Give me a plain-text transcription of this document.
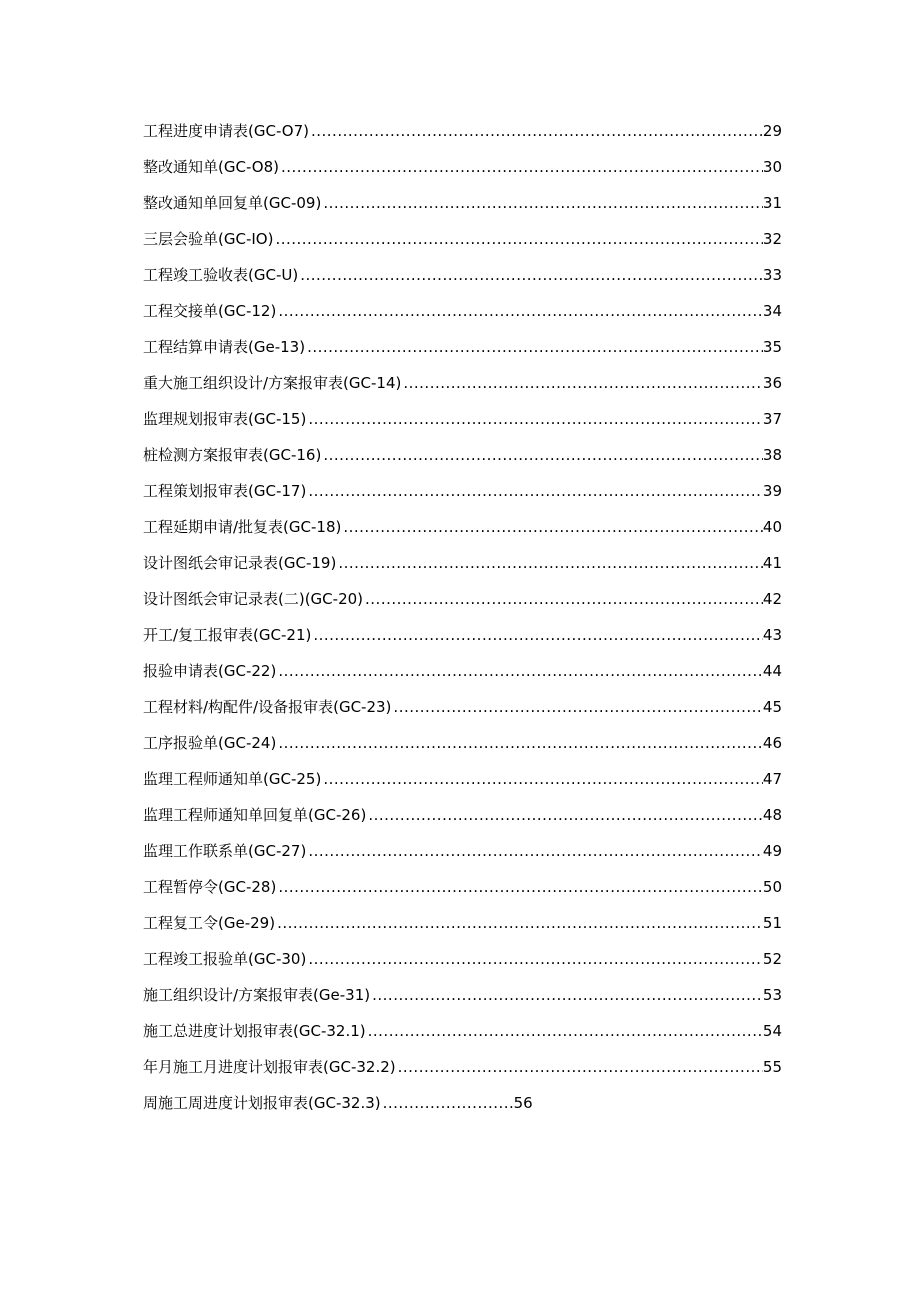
工程进度申请表(GC-O7) .....	29
整改通知单(GC-O8) .....	30
整改通知单回复单(GC-09) .....	31
三层会验单(GC-IO) .....	32
工程竣工验收表(GC-U) .....	33
工程交接单(GC-12) .....	34
工程结算申请表(Ge-13) .....	35
重大施工组织设计/方案报审表(GC-14) .....	36
监理规划报审表(GC-15) .....	37
桩检测方案报审表(GC-16) .....	38
工程策划报审表(GC-17) .....	39
工程延期申请/批复表(GC-18) .....	40
设计图纸会审记录表(GC-19) .....	41
设计图纸会审记录表(二)(GC-20) .....	42
开工/复工报审表(GC-21) .....	43
报验申请表(GC-22) .....	44
工程材料/构配件/设备报审表(GC-23) .....	45
工序报验单(GC-24) .....	46
监理工程师通知单(GC-25) .....	47
监理工程师通知单回复单(GC-26) .....	48
监理工作联系单(GC-27) .....	49
工程暂停令(GC-28) .....	50
工程复工令(Ge-29) .....	51
工程竣工报验单(GC-30) .....	52
施工组织设计/方案报审表(Ge-31) .....	53
施工总进度计划报审表(GC-32.1) .....	54
年月施工月进度计划报审表(GC-32.2) .....	55
周施工周进度计划报审表(GC-32.3) .....	56
